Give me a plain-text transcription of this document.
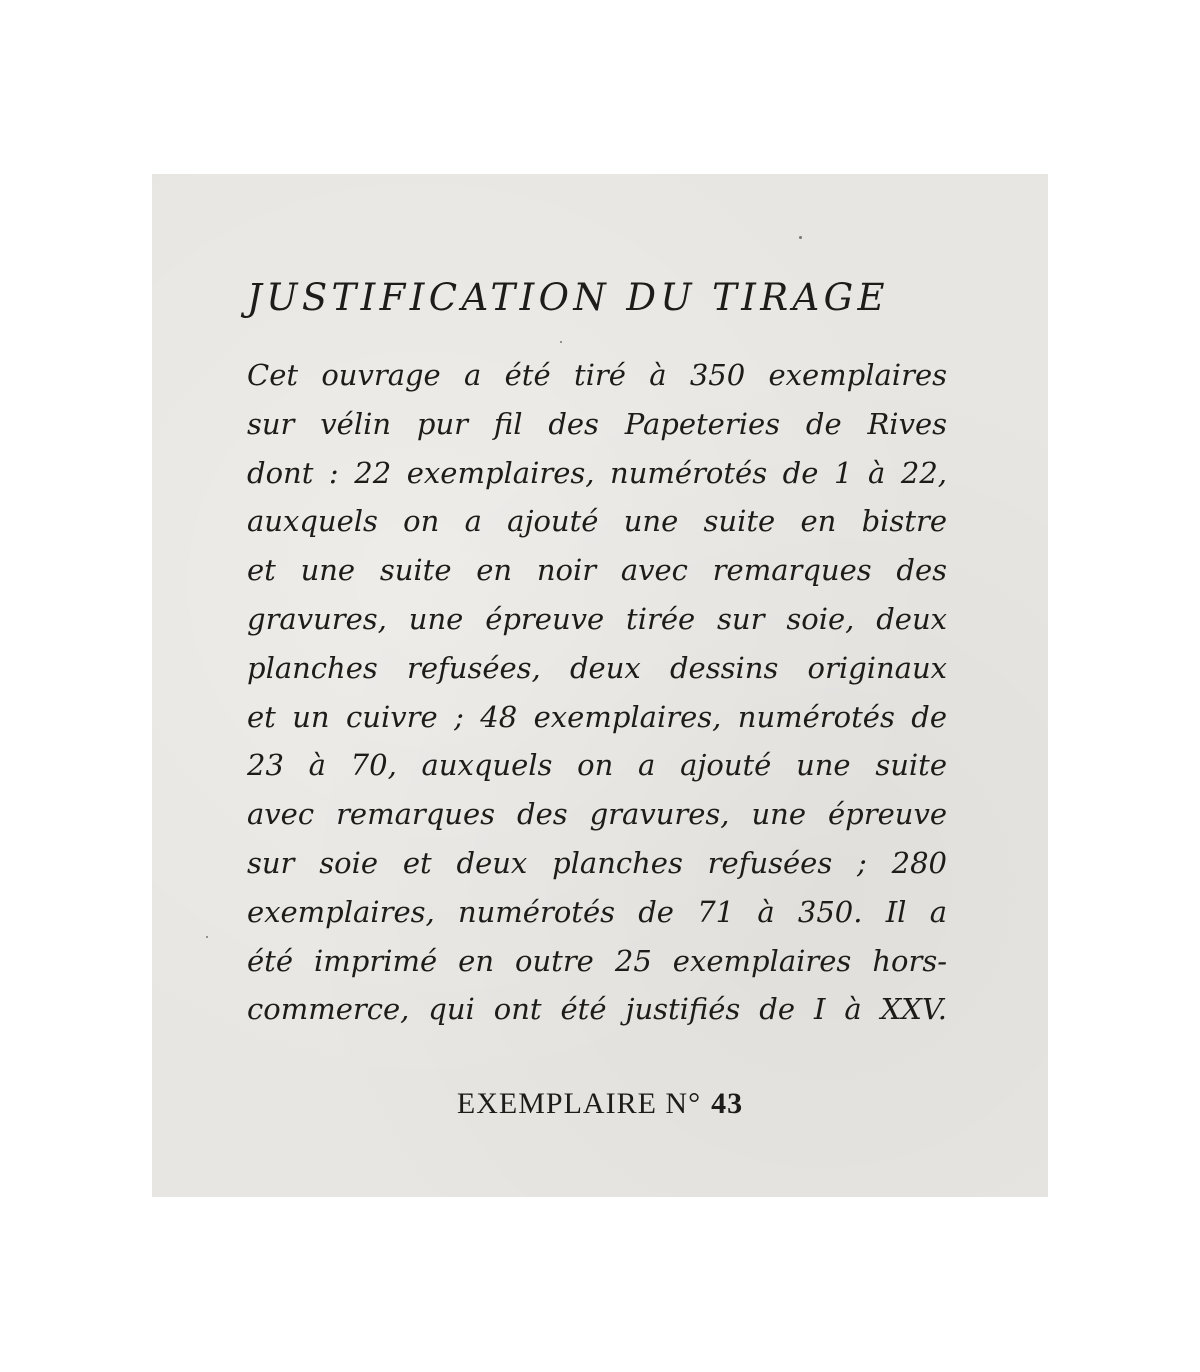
JUSTIFICATION DU TIRAGE
Cet ouvrage a été tiré à 350 exemplaires
sur vélin pur fil des Papeteries de Rives
dont : 22 exemplaires, numérotés de 1 à 22,
auxquels on a ajouté une suite en bistre
et une suite en noir avec remarques des
gravures, une épreuve tirée sur soie, deux
planches refusées, deux dessins originaux
et un cuivre ; 48 exemplaires, numérotés de
23 à 70, auxquels on a ajouté une suite
avec remarques des gravures, une épreuve
sur soie et deux planches refusées ; 280
exemplaires, numérotés de 71 à 350. Il a
été imprimé en outre 25 exemplaires hors-
commerce, qui ont été justifiés de I à XXV.
EXEMPLAIRE N° 43
